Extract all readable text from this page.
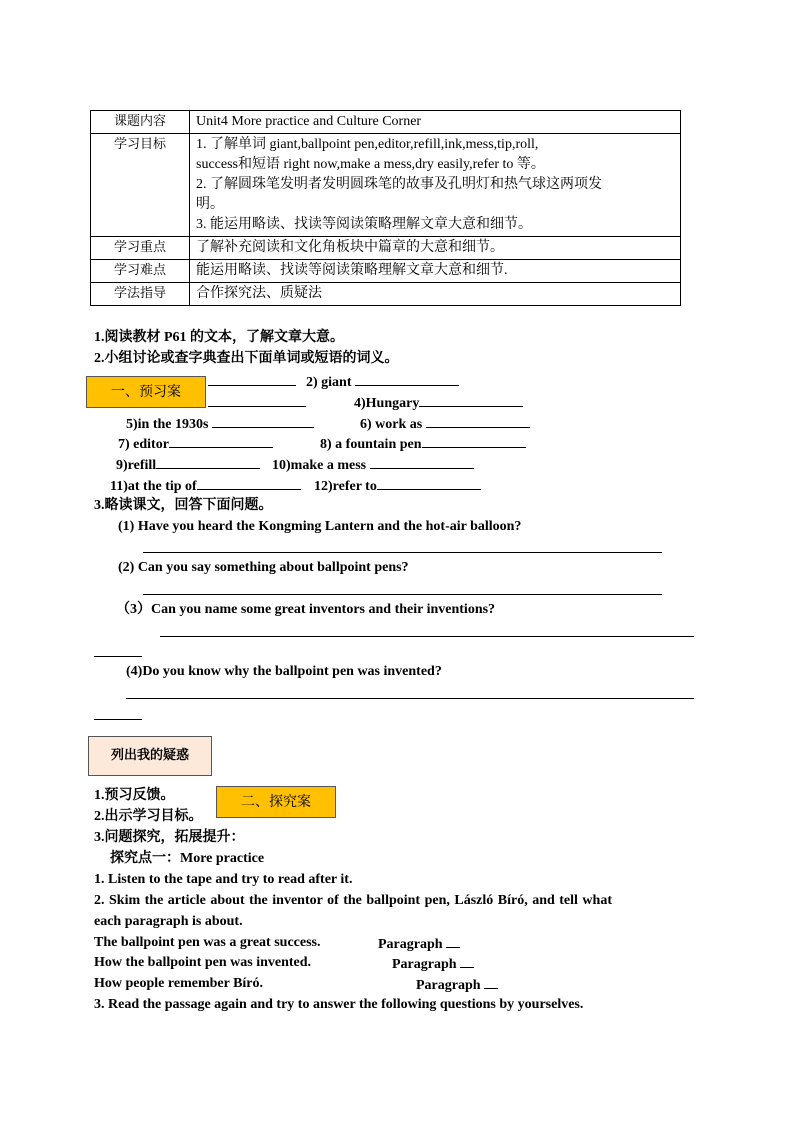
课题内容	Unit4 More practice and Culture Corner

学习目标	1. 了解单词 giant,ballpoint pen,editor,refill,ink,mess,tip,roll,
success和短语 right now,make a mess,dry easily,refer to 等。
2. 了解圆珠笔发明者发明圆珠笔的故事及孔明灯和热气球这两项发
明。
3. 能运用略读、找读等阅读策略理解文章大意和细节。

学习重点	了解补充阅读和文化角板块中篇章的大意和细节。

学习难点	能运用略读、找读等阅读策略理解文章大意和细节.

学法指导	合作探究法、质疑法
1.阅读教材 P61 的文本，了解文章大意。
2.小组讨论或查字典查出下面单词或短语的词义。
2) giant
4)Hungary
5)in the 1930s	6) work as
7) editor	8) a fountain pen
9)refill	10)make a mess
11)at the tip of	12)refer to
一、预习案
3.略读课文，回答下面问题。
(1) Have you heard the Kongming Lantern and the hot-air balloon?
(2) Can you say something about ballpoint pens?
（3）Can you name some great inventors and their inventions?
(4)Do you know why the ballpoint pen was invented?
列出我的疑惑
1.预习反馈。
2.出示学习目标。
二、探究案
3.问题探究，拓展提升：
探究点一：More practice
1. Listen to the tape and try to read after it.
2. Skim the article about the inventor of the ballpoint pen, László Bíró, and tell what
each paragraph is about.
The ballpoint pen was a great success.	Paragraph
How the ballpoint pen was invented.	Paragraph
How people remember Bíró.	Paragraph
3. Read the passage again and try to answer the following questions by yourselves.
